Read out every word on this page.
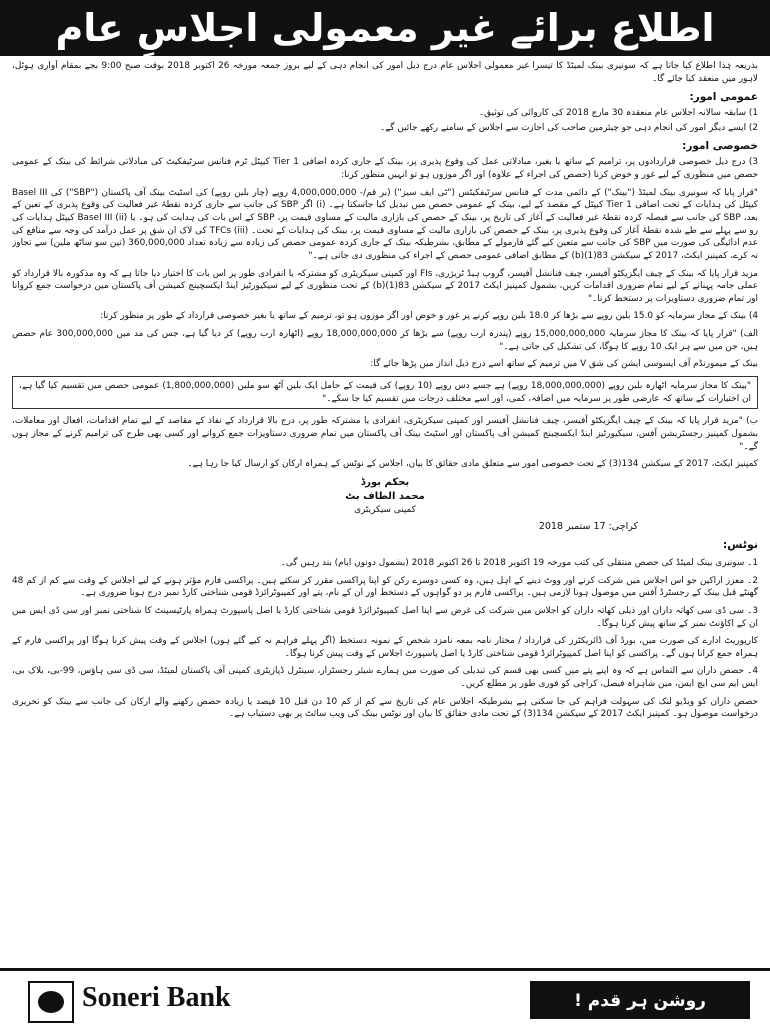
اطلاع برائے غیر معمولی اجلاسِ عام

بذریعہ ہٰذا اطلاع کیا جاتا ہے کہ سونیری بینک لمیٹڈ کا تیسرا غیر معمولی اجلاس عام درج ذیل امور کی انجام دہی کے لیے بروز جمعہ مورخہ 26 اکتوبر 2018 بوقت صبح 9:00 بجے بمقام آواری ہوٹل، لاہور میں منعقد کیا جائے گا۔

عمومی امور:
1) سابقہ سالانہ اجلاس عام منعقدہ 30 مارچ 2018 کی کاروائی کی توثیق۔
2) ایسے دیگر امور کی انجام دہی جو چیئرمین صاحب کی اجازت سے اجلاس کے سامنے رکھے جائیں گے۔
خصوصی امور:

3) درج ذیل خصوصی قراردادوں پر، ترامیم کے ساتھ یا بغیر، مبادلاتی عمل کی وقوع پذیری پر، بینک کے جاری کردہ اضافی Tier 1 کیپٹل ٹرم فنانس سرٹیفکیٹ کی مبادلاتی شرائط کی بینک کے عمومی حصص میں منظوری کے لیے غور و خوض کرنا (حصص کی اجراء کے علاوہ) اور اگر موزوں ہو تو انہیں منظور کرنا:

"قرار پایا کہ سونیری بینک لمیٹڈ ("بینک") کے دائمی مدت کے فنانس سرٹیفکیٹس ("ٹی ایف سیز") (بر قم/- 4,000,000,000 روپے (چار بلین روپے) کی اسٹیٹ بینک آف پاکستان ("SBP") کی Basel III کیپٹل کی ہدایات کے تحت اضافی Tier 1 کیپٹل کے مقصد کے لیے، بینک کے عمومی حصص میں تبدیل کیا جاسکتا ہے۔ (i) اگر SBP کی جانب سے جاری کردہ نقطۂ غیر فعالیت کی وقوع پذیری کے تعین کے بعد، SBP کی جانب سے فیصلہ کردہ نقطۂ غیر فعالیت کے آغاز کی تاریخ پر، بینک کے حصص کی بازاری مالیت کے مساوی قیمت پر، SBP کے اس بات کی ہدایت کی ہو۔ یا (ii) Basel III کیپٹل ہدایات کی رو سے پہلے سے طے شدہ نقطۂ آغاز کی وقوع پذیری پر، بینک کے حصص کی بازاری مالیت کے مساوی قیمت پر، بینک کی ہدایات کے تحت۔ (iii) TFCs کی لاک ان شق پر عمل درآمد کی وجہ سے منافع کی عدم ادائیگی کی صورت میں SBP کی جانب سے متعین کیے گئے فارمولے کے مطابق، بشرطیکہ بینک کے جاری کردہ عمومی حصص کی زیادہ سے زیادہ تعداد 360,000,000 (تین سو ساٹھ ملین) سے تجاوز نہ کرے، کمپنیز ایکٹ، 2017 کے سیکشن 83(1)(b) کے مطابق اضافی عمومی حصص کے اجراء کی منظوری دی جاتی ہے۔"

مزید قرار پایا کہ بینک کے چیف ایگزیکٹو آفیسر، چیف فنانشل آفیسر، گروپ ہیڈ ٹریژری، FIs اور کمپنی سیکریٹری کو مشترکہ یا انفرادی طور پر اس بات کا اختیار دیا جاتا ہے کہ وہ مذکورہ بالا قرارداد کو عملی جامہ پہنانے کے لیے تمام ضروری اقدامات کریں، بشمول کمپنیز ایکٹ 2017 کے سیکشن 83(1)(b) کے تحت منظوری کے لیے سیکیورٹیز اینڈ ایکسچینج کمیشن آف پاکستان میں درخواست جمع کروانا اور تمام ضروری دستاویزات پر دستخط کرنا۔"

4) بینک کے مجاز سرمایہ کو 15.0 بلین روپے سے بڑھا کر 18.0 بلین روپے کرنے پر غور و خوض اور اگر موزوں ہو تو، ترمیم کے ساتھ یا بغیر خصوصی قرارداد کے طور پر منظور کرنا:

الف) "قرار پایا کہ بینک کا مجاز سرمایہ 15,000,000,000 روپے (پندرہ ارب روپے) سے بڑھا کر 18,000,000,000 روپے (اٹھارہ ارب روپے) کر دیا گیا ہے، جس کی مد میں 300,000,000 عام حصص ہیں، جن میں سے ہر ایک 10 روپے کا ہوگا، کی تشکیل کی جاتی ہے۔"

بینک کے میمورنڈم آف ایسوسی ایشن کی شق V میں ترمیم کے ساتھ اسے درج ذیل انداز میں پڑھا جائے گا:

"بینک کا مجاز سرمایہ اٹھارہ بلین روپے (18,000,000,000 روپے) ہے جسے دس روپے (10 روپے) کی قیمت کے حامل ایک بلین آٹھ سو ملین (1,800,000,000) عمومی حصص میں تقسیم کیا گیا ہے، ان اختیارات کے ساتھ کہ عارضی طور پر سرمایہ میں اضافہ، کمی، اور اسے مختلف درجات میں تقسیم کیا جا سکے۔"

ب) "مزید قرار پایا کہ بینک کے چیف ایگزیکٹو آفیسر، چیف فنانشل آفیسر اور کمپنی سیکریٹری، انفرادی یا مشترکہ طور پر، درج بالا قرارداد کے نفاذ کے مقاصد کے لیے تمام اقدامات، افعال اور معاملات، بشمول کمپنیز رجسٹریشن آفس، سیکیورٹیز اینڈ ایکسچینج کمیشن آف پاکستان اور اسٹیٹ بینک آف پاکستان میں تمام ضروری دستاویزات جمع کروانے اور کسی بھی طرح کی ترامیم کرنے کے مجاز ہوں گے۔"

کمپنیز ایکٹ، 2017 کے سیکشن 134(3) کے تحت خصوصی امور سے متعلق مادی حقائق کا بیان، اجلاس کے نوٹس کے ہمراہ ارکان کو ارسال کیا جا رہا ہے۔

بحکم بورڈ
محمد الطاف بٹ
کمپنی سیکریٹری
کراچی: 17 ستمبر 2018
نوٹس:

1۔ سونیری بینک لمیٹڈ کی حصص منتقلی کی کتب مورخہ 19 اکتوبر 2018 تا 26 اکتوبر 2018 (بشمول دونوں ایام) بند رہیں گی۔

2۔ معزز اراکین جو اس اجلاس میں شرکت کرنے اور ووٹ دینے کے اہل ہیں، وہ کسی دوسرے رکن کو اپنا پراکسی مقرر کر سکتے ہیں۔ پراکسی فارم مؤثر ہونے کے لیے اجلاس کے وقت سے کم از کم 48 گھنٹے قبل بینک کے رجسٹرڈ آفس میں موصول ہونا لازمی ہیں۔ پراکسی فارم پر دو گواہوں کے دستخط اور ان کے نام، پتے اور کمپیوٹرائزڈ قومی شناختی کارڈ نمبر درج ہونا ضروری ہے۔

3۔ سی ڈی سی کھاتہ داران اور ذیلی کھاتہ داران کو اجلاس میں شرکت کی غرض سے اپنا اصل کمپیوٹرائزڈ قومی شناختی کارڈ یا اصل پاسپورٹ ہمراہ پارٹیسپنٹ کا شناختی نمبر اور سی ڈی ایس میں ان کے اکاؤنٹ نمبر کے ساتھ پیش کرنا ہوگا۔

کارپوریٹ ادارے کی صورت میں، بورڈ آف ڈائریکٹرز کی قرارداد / مختار نامہ بمعہ نامزد شخص کے نمونہ دستخط (اگر پہلے فراہم نہ کیے گئے ہوں) اجلاس کے وقت پیش کرنا ہوگا اور پراکسی فارم کے ہمراہ جمع کرانا ہوں گے۔ پراکسی کو اپنا اصل کمپیوٹرائزڈ قومی شناختی کارڈ یا اصل پاسپورٹ اجلاس کے وقت پیش کرنا ہوگا۔

4۔ حصص داران سے التماس ہے کہ وہ اپنے پتے میں کسی بھی قسم کی تبدیلی کی صورت میں ہمارے شیئر رجسٹرار، سینٹرل ڈپازیٹری کمپنی آف پاکستان لمیٹڈ، سی ڈی سی ہاؤس، 99-بی، بلاک بی، ایس ایم سی ایچ ایس، مین شاہراہ فیصل، کراچی کو فوری طور پر مطلع کریں۔

حصص داران کو ویڈیو لنک کی سہولت فراہم کی جا سکتی ہے بشرطیکہ اجلاس عام کی تاریخ سے کم از کم 10 دن قبل 10 فیصد یا زیادہ حصص رکھنے والے ارکان کی جانب سے بینک کو تحریری درخواست موصول ہو۔ کمپنیز ایکٹ 2017 کے سیکشن 134(3) کے تحت مادی حقائق کا بیان اور نوٹس بینک کی ویب سائٹ پر بھی دستیاب ہے۔

Soneri Bank	روشن ہر قدم !
